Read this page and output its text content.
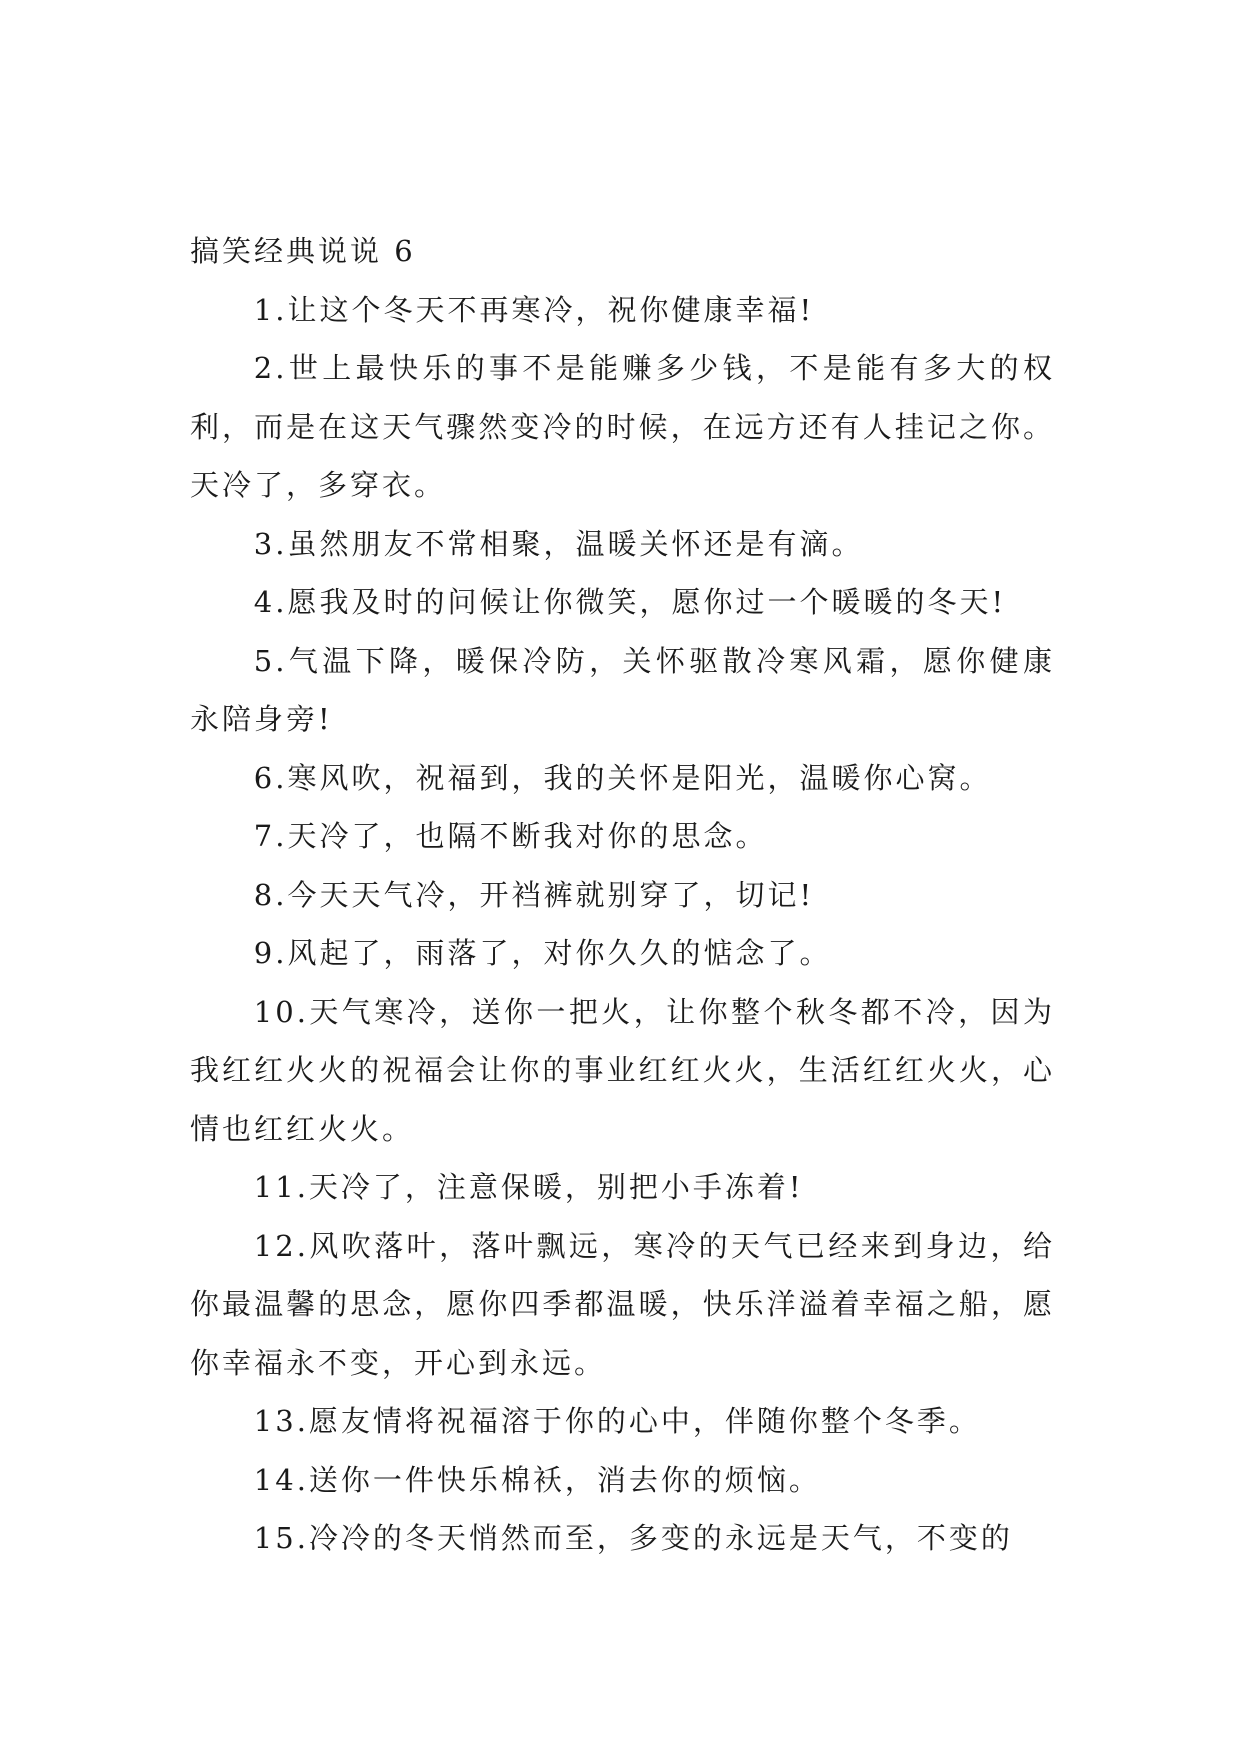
搞笑经典说说 6

1.让这个冬天不再寒冷，祝你健康幸福!

2.世上最快乐的事不是能赚多少钱，不是能有多大的权利，而是在这天气骤然变冷的时候，在远方还有人挂记之你。天冷了，多穿衣。

3.虽然朋友不常相聚，温暖关怀还是有滴。

4.愿我及时的问候让你微笑，愿你过一个暖暖的冬天!

5.气温下降，暖保冷防，关怀驱散冷寒风霜，愿你健康永陪身旁!

6.寒风吹，祝福到，我的关怀是阳光，温暖你心窝。

7.天冷了，也隔不断我对你的思念。

8.今天天气冷，开裆裤就别穿了，切记!

9.风起了，雨落了，对你久久的惦念了。

10.天气寒冷，送你一把火，让你整个秋冬都不冷，因为我红红火火的祝福会让你的事业红红火火，生活红红火火，心情也红红火火。

11.天冷了，注意保暖，别把小手冻着!

12.风吹落叶，落叶飘远，寒冷的天气已经来到身边，给你最温馨的思念，愿你四季都温暖，快乐洋溢着幸福之船，愿你幸福永不变，开心到永远。

13.愿友情将祝福溶于你的心中，伴随你整个冬季。

14.送你一件快乐棉袄，消去你的烦恼。

15.冷冷的冬天悄然而至，多变的永远是天气，不变的
